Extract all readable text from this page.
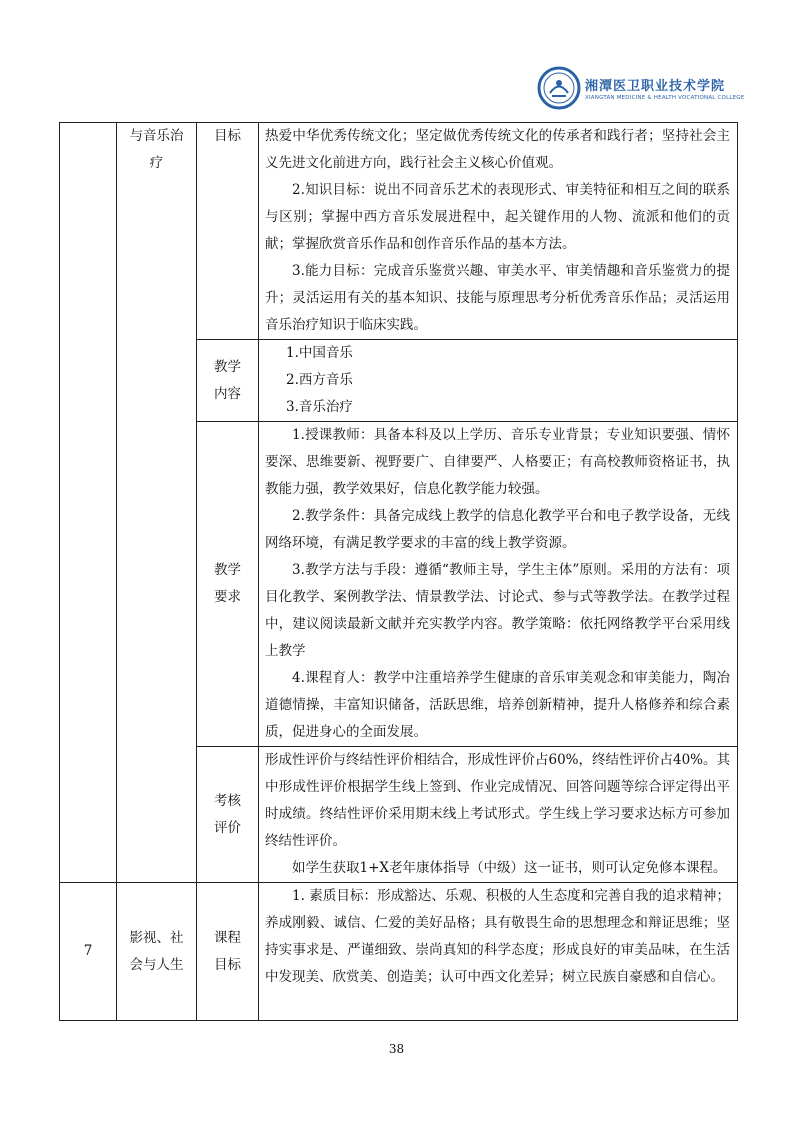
湘潭医卫职业技术学院
XIANGTAN MEDICINE & HEALTH VOCATIONAL COLLEGE

	与音乐治疗	目标	热爱中华优秀传统文化；坚定做优秀传统文化的传承者和践行者；坚持社会主义先进文化前进方向，践行社会主义核心价值观。

2.知识目标：说出不同音乐艺术的表现形式、审美特征和相互之间的联系与区别；掌握中西方音乐发展进程中，起关键作用的人物、流派和他们的贡献；掌握欣赏音乐作品和创作音乐作品的基本方法。

3.能力目标：完成音乐鉴赏兴趣、审美水平、审美情趣和音乐鉴赏力的提升；灵活运用有关的基本知识、技能与原理思考分析优秀音乐作品；灵活运用音乐治疗知识于临床实践。

		教学内容	1.中国音乐

2.西方音乐

3.音乐治疗

		教学要求	1.授课教师：具备本科及以上学历、音乐专业背景；专业知识要强、情怀要深、思维要新、视野要广、自律要严、人格要正；有高校教师资格证书，执教能力强，教学效果好，信息化教学能力较强。

2.教学条件：具备完成线上教学的信息化教学平台和电子教学设备，无线网络环境，有满足教学要求的丰富的线上教学资源。

3.教学方法与手段：遵循“教师主导，学生主体”原则。采用的方法有：项目化教学、案例教学法、情景教学法、讨论式、参与式等教学法。在教学过程中，建议阅读最新文献并充实教学内容。教学策略：依托网络教学平台采用线上教学

4.课程育人：教学中注重培养学生健康的音乐审美观念和审美能力，陶冶道德情操，丰富知识储备，活跃思维，培养创新精神，提升人格修养和综合素质，促进身心的全面发展。

		考核评价	形成性评价与终结性评价相结合，形成性评价占60%，终结性评价占40%。其中形成性评价根据学生线上签到、作业完成情况、回答问题等综合评定得出平时成绩。终结性评价采用期末线上考试形式。学生线上学习要求达标方可参加终结性评价。

如学生获取1+X老年康体指导（中级）这一证书，则可认定免修本课程。

7	影视、社会与人生	课程目标	1. 素质目标：形成豁达、乐观、积极的人生态度和完善自我的追求精神；养成刚毅、诚信、仁爱的美好品格；具有敬畏生命的思想理念和辩证思维；坚持实事求是、严谨细致、崇尚真知的科学态度；形成良好的审美品味，在生活中发现美、欣赏美、创造美；认可中西文化差异；树立民族自豪感和自信心。

38
